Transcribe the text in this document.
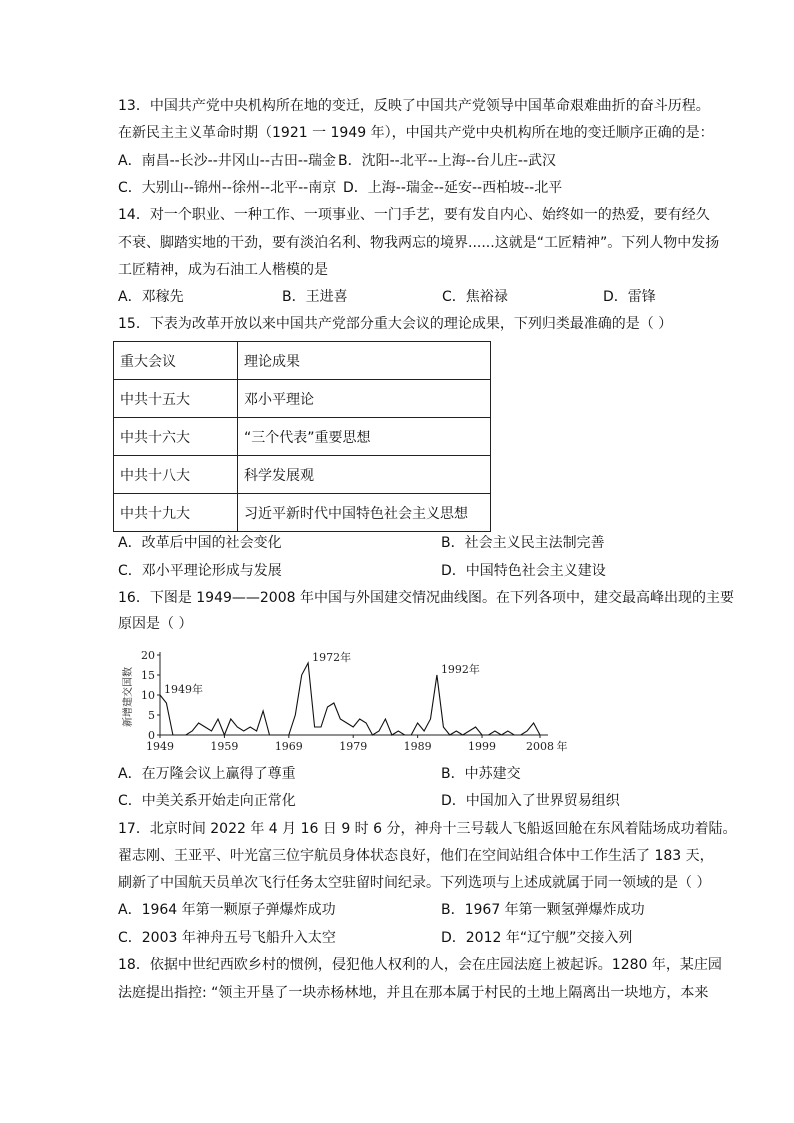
13．中国共产党中央机构所在地的变迁，反映了中国共产党领导中国革命艰难曲折的奋斗历程。
在新民主主义革命时期（1921 一 1949 年），中国共产党中央机构所在地的变迁顺序正确的是：
A．南昌--长沙--井冈山--古田--瑞金 B．沈阳--北平--上海--台儿庄--武汉
C．大别山--锦州--徐州--北平--南京 D．上海--瑞金--延安--西柏坡--北平
14．对一个职业、一种工作、一项事业、一门手艺，要有发自内心、始终如一的热爱，要有经久
不衰、脚踏实地的干劲，要有淡泊名利、物我两忘的境界......这就是“工匠精神”。下列人物中发扬
工匠精神，成为石油工人楷模的是
A．邓稼先	B．王进喜	C．焦裕禄	D．雷锋
15．下表为改革开放以来中国共产党部分重大会议的理论成果，下列归类最准确的是（ ）
重大会议	理论成果
中共十五大	邓小平理论
中共十六大	“三个代表”重要思想
中共十八大	科学发展观
中共十九大	习近平新时代中国特色社会主义思想
A．改革后中国的社会变化	B．社会主义民主法制完善
C．邓小平理论形成与发展	D．中国特色社会主义建设
16．下图是 1949——2008 年中国与外国建交情况曲线图。在下列各项中，建交最高峰出现的主要
原因是（ ）
新增建交国数
0
5
10
15
20
1949	1959	1969	1979	1989	1999	2008 年
1949年
1972年
1992年
A．在万隆会议上赢得了尊重	B．中苏建交
C．中美关系开始走向正常化	D．中国加入了世界贸易组织
17．北京时间 2022 年 4 月 16 日 9 时 6 分，神舟十三号载人飞船返回舱在东风着陆场成功着陆。
翟志刚、王亚平、叶光富三位宇航员身体状态良好，他们在空间站组合体中工作生活了 183 天，
刷新了中国航天员单次飞行任务太空驻留时间纪录。下列选项与上述成就属于同一领域的是（ ）
A．1964 年第一颗原子弹爆炸成功	B．1967 年第一颗氢弹爆炸成功
C．2003 年神舟五号飞船升入太空	D．2012 年“辽宁舰”交接入列
18．依据中世纪西欧乡村的惯例，侵犯他人权利的人，会在庄园法庭上被起诉。1280 年，某庄园
法庭提出指控: “领主开垦了一块赤杨林地，并且在那本属于村民的土地上隔离出一块地方，本来
